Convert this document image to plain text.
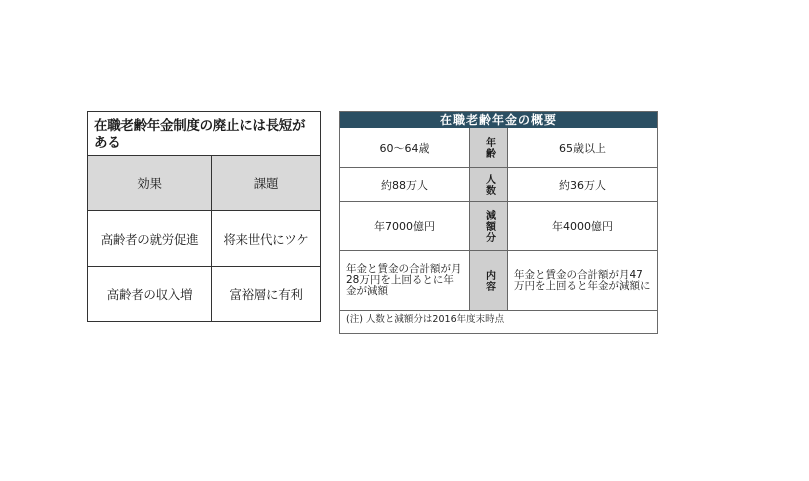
在職老齢年金制度の廃止には長短がある
効果	課題
高齢者の就労促進	将来世代にツケ
高齢者の収入増	富裕層に有利
在職老齢年金の概要
60〜64歳	年齢	65歳以上
約88万人	人数	約36万人
年7000億円	減額分	年4000億円
年金と賃金の合計額が月28万円を上回るとに年金が減額	内容	年金と賃金の合計額が月47万円を上回ると年金が減額に
(注) 人数と減額分は2016年度末時点
